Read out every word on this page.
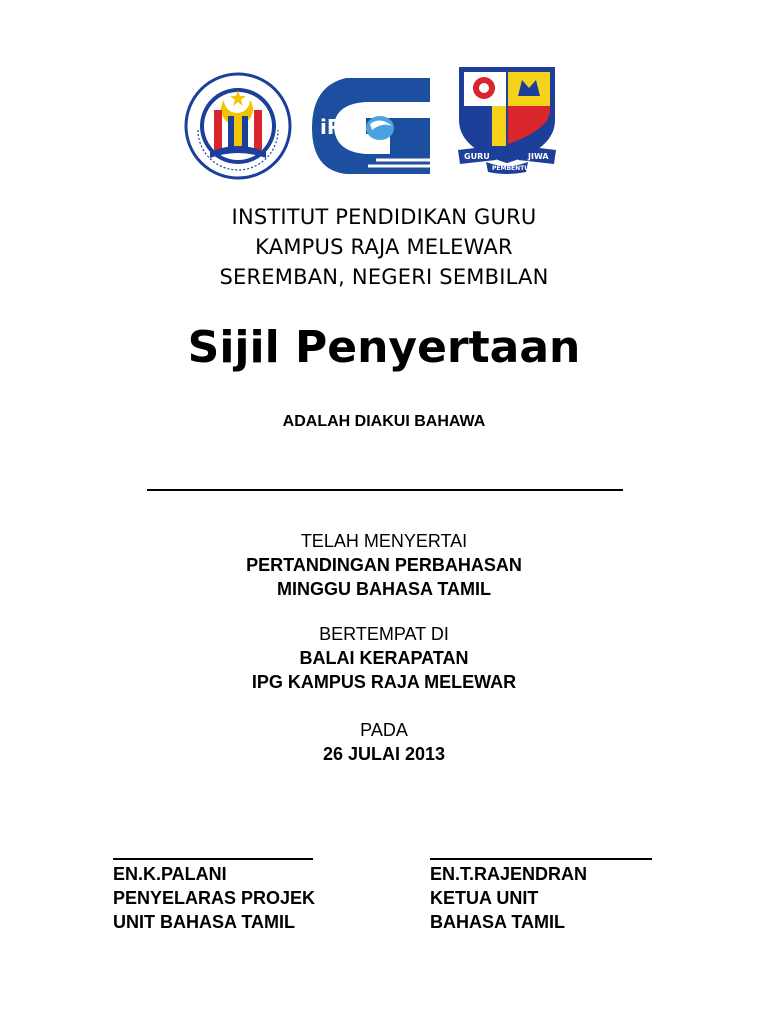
iPG
GURU	JIWA
PEMBENTUK
INSTITUT PENDIDIKAN GURU
KAMPUS RAJA MELEWAR
SEREMBAN, NEGERI SEMBILAN
Sijil Penyertaan
ADALAH DIAKUI BAHAWA
TELAH MENYERTAI
PERTANDINGAN PERBAHASAN
MINGGU BAHASA TAMIL
BERTEMPAT DI
BALAI KERAPATAN
IPG KAMPUS RAJA MELEWAR
PADA
26 JULAI 2013
EN.K.PALANI
PENYELARAS PROJEK
UNIT BAHASA TAMIL
EN.T.RAJENDRAN
KETUA UNIT
BAHASA TAMIL
